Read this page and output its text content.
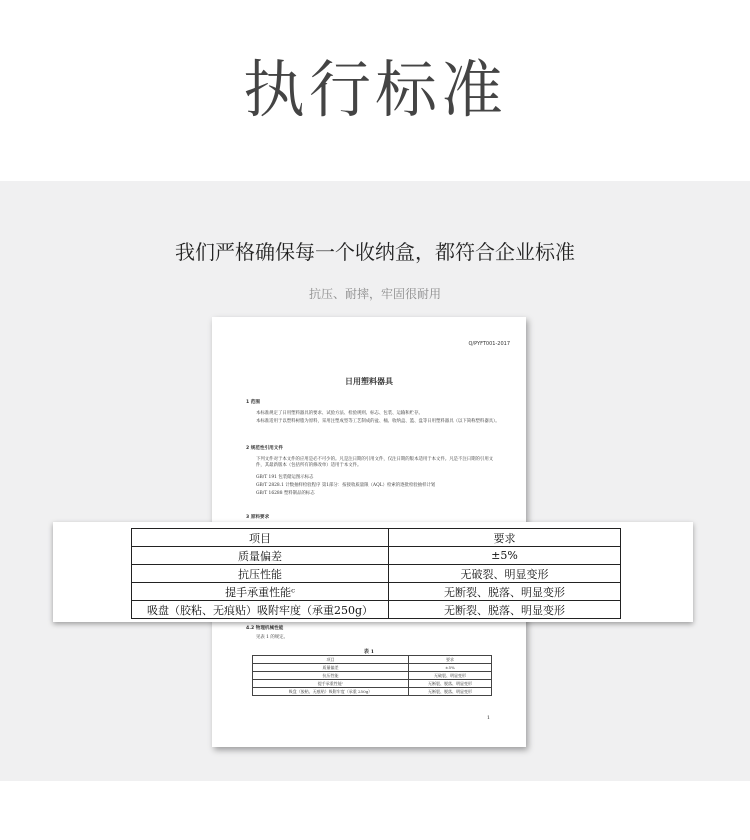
执行标准
我们严格确保每一个收纳盒，都符合企业标准
抗压、耐摔，牢固很耐用
Q/PYFT001-2017
日用塑料器具
1 范围
本标准规定了日用塑料器具的要求、试验方法、检验规则、标志、包装、运输和贮存。
本标准适用于以塑料树脂为原料，采用注塑成型等工艺制成的盆、桶、收纳盒、篮、盘等日用塑料器具（以下简称塑料器具）。
2 规范性引用文件
下列文件对于本文件的应用是必不可少的。凡是注日期的引用文件，仅注日期的版本适用于本文件。凡是不注日期的引用文件，其最新版本（包括所有的修改单）适用于本文件。
GB/T 191 包装储运图示标志
GB/T 2828.1 计数抽样检验程序 第1部分：按接收质量限（AQL）检索的逐批检验抽样计划
GB/T 16288 塑料制品的标志
3 原料要求
4.2 物理机械性能
见表 1 的规定。
表 1
项目	要求
质量偏差	±5%
抗压性能	无破裂、明显变形
提手承重性能ᶜ	无断裂、脱落、明显变形
吸盘（胶粘、无痕贴）吸附牢度（承重 250g）	无断裂、脱落、明显变形
1
项目	要求
质量偏差	±5%
抗压性能	无破裂、明显变形
提手承重性能ᶜ	无断裂、脱落、明显变形
吸盘（胶粘、无痕贴）吸附牢度（承重250g）	无断裂、脱落、明显变形
